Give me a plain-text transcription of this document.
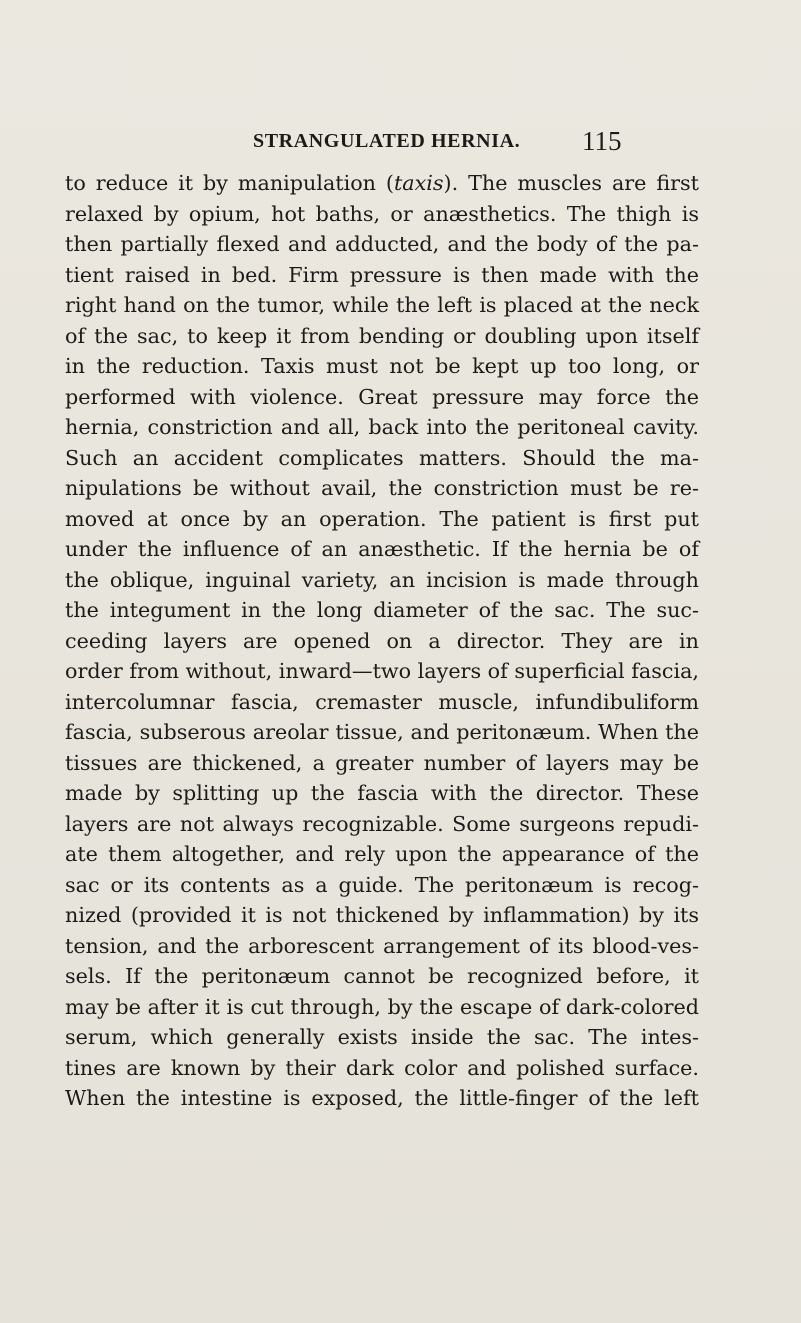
STRANGULATED HERNIA. 115
to reduce it by manipulation (taxis). The muscles are first
relaxed by opium, hot baths, or anæsthetics. The thigh is
then partially flexed and adducted, and the body of the pa-
tient raised in bed. Firm pressure is then made with the
right hand on the tumor, while the left is placed at the neck
of the sac, to keep it from bending or doubling upon itself
in the reduction. Taxis must not be kept up too long, or
performed with violence. Great pressure may force the
hernia, constriction and all, back into the peritoneal cavity.
Such an accident complicates matters. Should the ma-
nipulations be without avail, the constriction must be re-
moved at once by an operation. The patient is first put
under the influence of an anæsthetic. If the hernia be of
the oblique, inguinal variety, an incision is made through
the integument in the long diameter of the sac. The suc-
ceeding layers are opened on a director. They are in
order from without, inward—two layers of superficial fascia,
intercolumnar fascia, cremaster muscle, infundibuliform
fascia, subserous areolar tissue, and peritonæum. When the
tissues are thickened, a greater number of layers may be
made by splitting up the fascia with the director. These
layers are not always recognizable. Some surgeons repudi-
ate them altogether, and rely upon the appearance of the
sac or its contents as a guide. The peritonæum is recog-
nized (provided it is not thickened by inflammation) by its
tension, and the arborescent arrangement of its blood-ves-
sels. If the peritonæum cannot be recognized before, it
may be after it is cut through, by the escape of dark-colored
serum, which generally exists inside the sac. The intes-
tines are known by their dark color and polished surface.
When the intestine is exposed, the little-finger of the left
